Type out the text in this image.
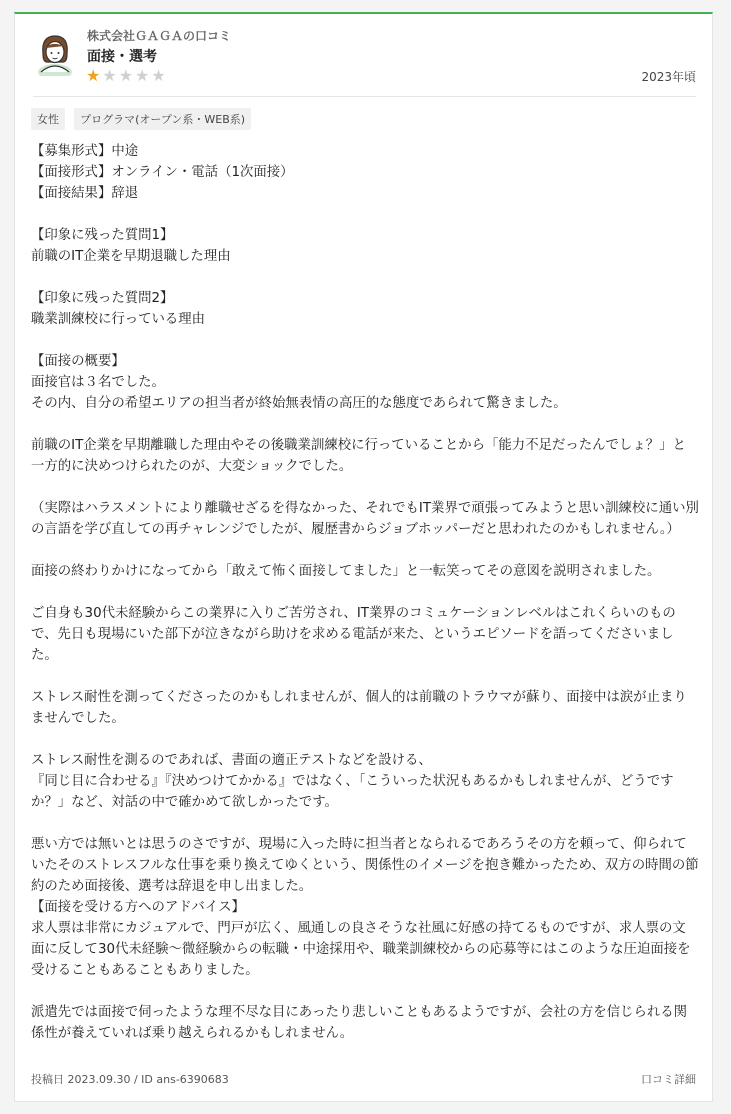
株式会社ＧＡＧＡの口コミ
面接・選考
★★★★★	2023年頃
女性 プログラマ(オープン系・WEB系)
【募集形式】中途
【面接形式】オンライン・電話（1次面接）
【面接結果】辞退

【印象に残った質問1】
前職のIT企業を早期退職した理由

【印象に残った質問2】
職業訓練校に行っている理由

【面接の概要】
面接官は３名でした。
その内、自分の希望エリアの担当者が終始無表情の高圧的な態度であられて驚きました。

前職のIT企業を早期離職した理由やその後職業訓練校に行っていることから「能力不足だったんでしょ？」と一方的に決めつけられたのが、大変ショックでした。

（実際はハラスメントにより離職せざるを得なかった、それでもIT業界で頑張ってみようと思い訓練校に通い別の言語を学び直しての再チャレンジでしたが、履歴書からジョブホッパーだと思われたのかもしれません。）

面接の終わりかけになってから「敢えて怖く面接してました」と一転笑ってその意図を説明されました。

ご自身も30代未経験からこの業界に入りご苦労され、IT業界のコミュケーションレベルはこれくらいのもので、先日も現場にいた部下が泣きながら助けを求める電話が来た、というエピソードを語ってくださいました。

ストレス耐性を測ってくださったのかもしれませんが、個人的は前職のトラウマが蘇り、面接中は涙が止まりませんでした。

ストレス耐性を測るのであれば、書面の適正テストなどを設ける、
『同じ目に合わせる』『決めつけてかかる』ではなく、「こういった状況もあるかもしれませんが、どうですか？」など、対話の中で確かめて欲しかったです。

悪い方では無いとは思うのさですが、現場に入った時に担当者となられるであろうその方を頼って、仰られていたそのストレスフルな仕事を乗り換えてゆくという、関係性のイメージを抱き難かったため、双方の時間の節約のため面接後、選考は辞退を申し出ました。
【面接を受ける方へのアドバイス】
求人票は非常にカジュアルで、門戸が広く、風通しの良さそうな社風に好感の持てるものですが、求人票の文面に反して30代未経験〜微経験からの転職・中途採用や、職業訓練校からの応募等にはこのような圧迫面接を受けることもあることもありました。

派遣先では面接で伺ったような理不尽な目にあったり悲しいこともあるようですが、会社の方を信じられる関係性が養えていれば乗り越えられるかもしれません。
投稿日 2023.09.30 / ID ans-6390683	口コミ詳細
